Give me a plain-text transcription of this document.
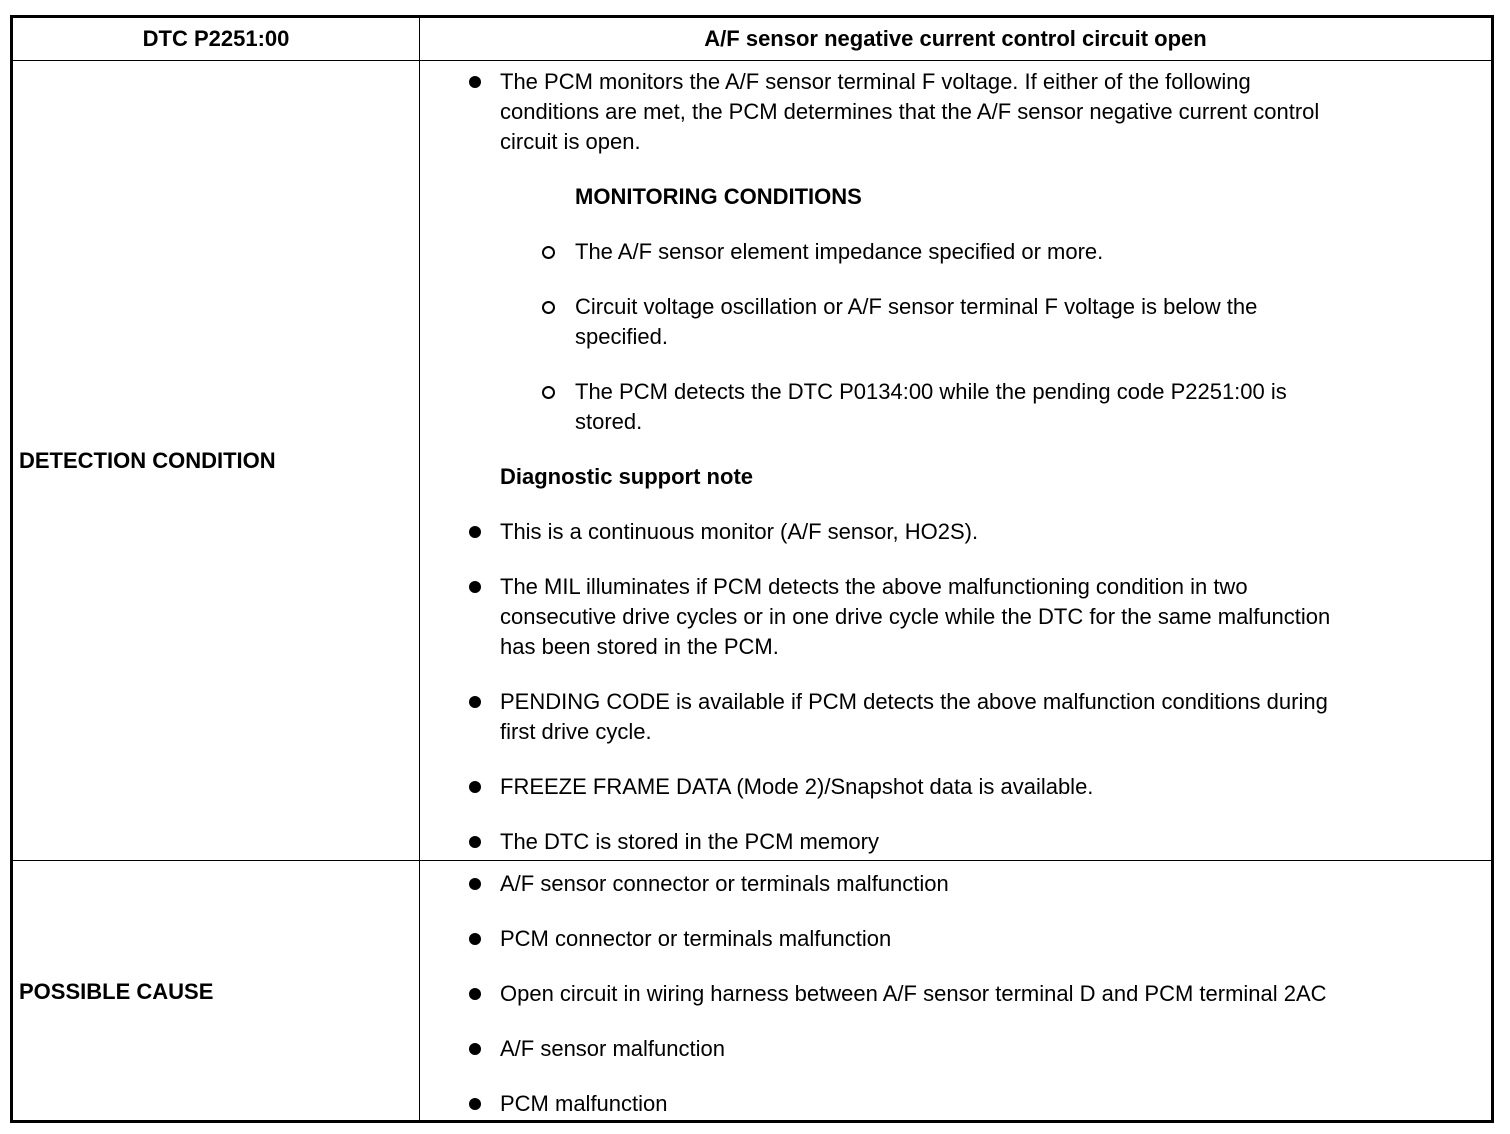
DTC P2251:00	A/F sensor negative current control circuit open
DETECTION CONDITION
POSSIBLE CAUSE
The PCM monitors the A/F sensor terminal F voltage. If either of the following
conditions are met, the PCM determines that the A/F sensor negative current control
circuit is open.
MONITORING CONDITIONS
The A/F sensor element impedance specified or more.
Circuit voltage oscillation or A/F sensor terminal F voltage is below the
specified.
The PCM detects the DTC P0134:00 while the pending code P2251:00 is
stored.
Diagnostic support note
This is a continuous monitor (A/F sensor, HO2S).
The MIL illuminates if PCM detects the above malfunctioning condition in two
consecutive drive cycles or in one drive cycle while the DTC for the same malfunction
has been stored in the PCM.
PENDING CODE is available if PCM detects the above malfunction conditions during
first drive cycle.
FREEZE FRAME DATA (Mode 2)/Snapshot data is available.
The DTC is stored in the PCM memory
A/F sensor connector or terminals malfunction
PCM connector or terminals malfunction
Open circuit in wiring harness between A/F sensor terminal D and PCM terminal 2AC
A/F sensor malfunction
PCM malfunction
